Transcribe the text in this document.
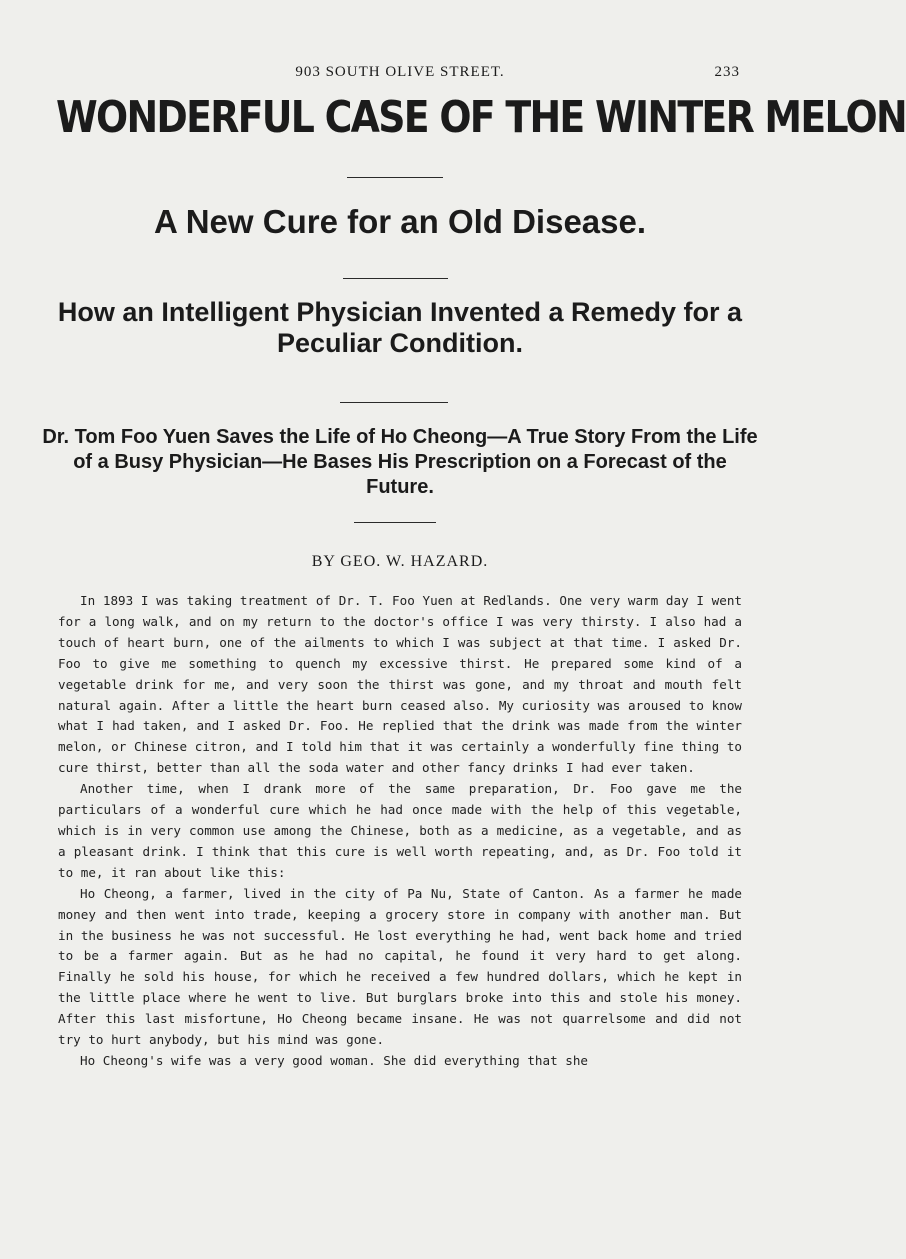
903 SOUTH OLIVE STREET.	233
WONDERFUL CASE OF THE WINTER MELON
A New Cure for an Old Disease.
How an Intelligent Physician Invented a Remedy for a Peculiar Condition.
Dr. Tom Foo Yuen Saves the Life of Ho Cheong—A True Story From the Life of a Busy Physician—He Bases His Prescription on a Forecast of the Future.
BY GEO. W. HAZARD.

In 1893 I was taking treatment of Dr. T. Foo Yuen at Redlands. One very warm day I went for a long walk, and on my return to the doctor's office I was very thirsty. I also had a touch of heart burn, one of the ailments to which I was subject at that time. I asked Dr. Foo to give me something to quench my excessive thirst. He prepared some kind of a vegetable drink for me, and very soon the thirst was gone, and my throat and mouth felt natural again. After a little the heart burn ceased also. My curiosity was aroused to know what I had taken, and I asked Dr. Foo. He replied that the drink was made from the winter melon, or Chinese citron, and I told him that it was certainly a wonderfully fine thing to cure thirst, better than all the soda water and other fancy drinks I had ever taken.

Another time, when I drank more of the same preparation, Dr. Foo gave me the particulars of a wonderful cure which he had once made with the help of this vegetable, which is in very common use among the Chinese, both as a medicine, as a vegetable, and as a pleasant drink. I think that this cure is well worth repeating, and, as Dr. Foo told it to me, it ran about like this:

Ho Cheong, a farmer, lived in the city of Pa Nu, State of Canton. As a farmer he made money and then went into trade, keeping a grocery store in company with another man. But in the business he was not successful. He lost everything he had, went back home and tried to be a farmer again. But as he had no capital, he found it very hard to get along. Finally he sold his house, for which he received a few hundred dollars, which he kept in the little place where he went to live. But burglars broke into this and stole his money. After this last misfortune, Ho Cheong became insane. He was not quarrelsome and did not try to hurt anybody, but his mind was gone.

Ho Cheong's wife was a very good woman. She did everything that she
